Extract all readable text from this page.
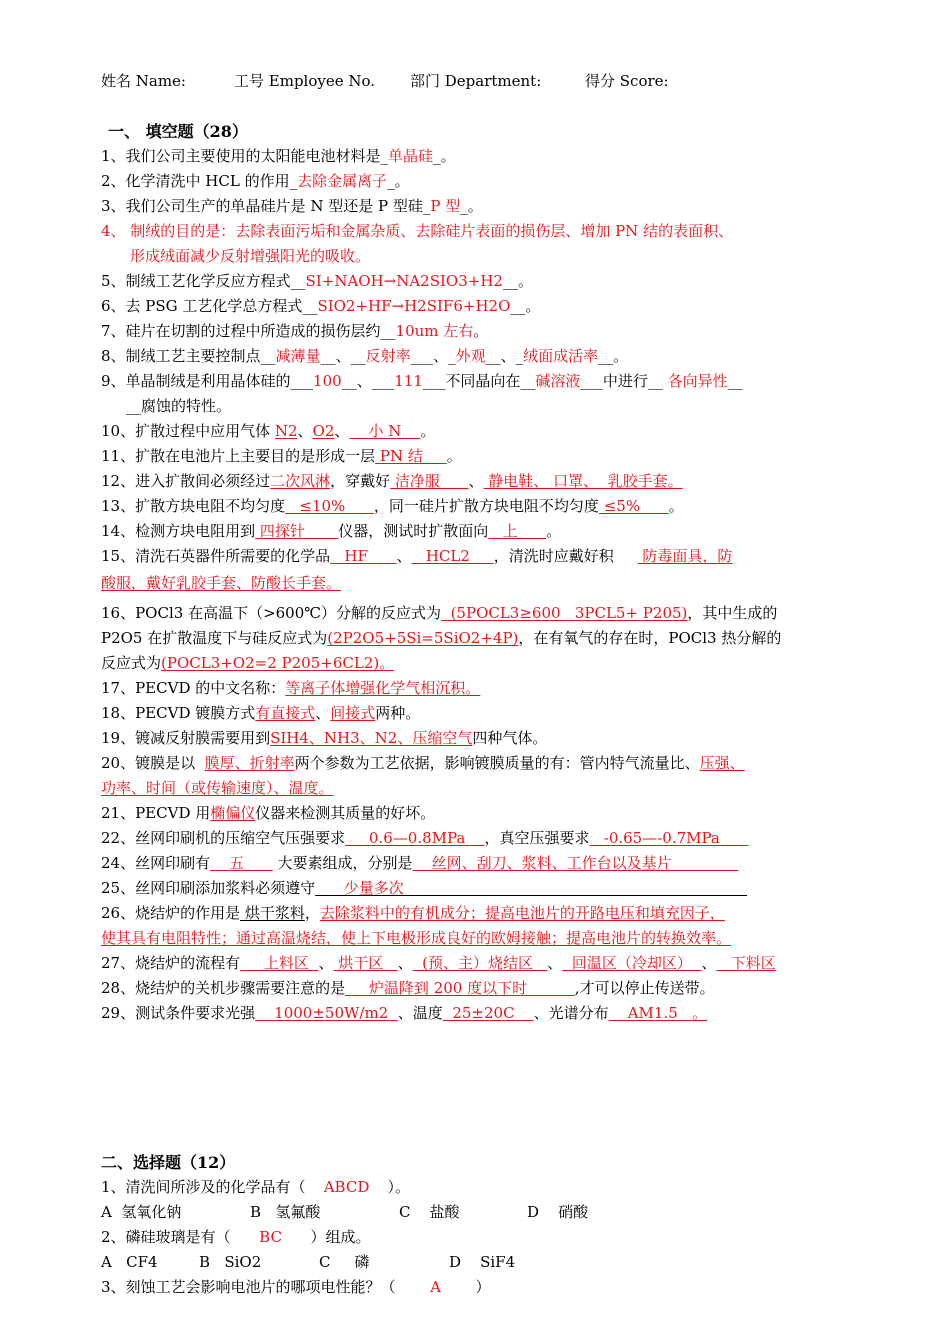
姓名 Name:	工号 Employee No. 部门 Department:	得分 Score:
一、 填空题（28）
1、我们公司主要使用的太阳能电池材料是_单晶硅_。
2、化学清洗中 HCL 的作用_去除金属离子_。
3、我们公司生产的单晶硅片是 N 型还是 P 型硅_P 型_。
4、 制绒的目的是：去除表面污垢和金属杂质、去除硅片表面的损伤层、增加 PN 结的表面积、
形成绒面减少反射增强阳光的吸收。
5、制绒工艺化学反应方程式__SI+NAOH→NA2SIO3+H2__。
6、去 PSG 工艺化学总方程式__SIO2+HF→H2SIF6+H2O__。
7、硅片在切割的过程中所造成的损伤层约__10um 左右。
8、制绒工艺主要控制点__减薄量__、__反射率___、_外观__、_绒面成活率__。
9、单晶制绒是利用晶体硅的___100__、___111___不同晶向在__碱溶液___中进行__ 各向异性__
__腐蚀的特性。
10、扩散过程中应用气体 N2、O2、    小 N    。
11、扩散在电池片上主要目的是形成一层 PN 结     。
12、进入扩散间必须经过二次风淋，穿戴好 洁净服      、 静电鞋、 口罩、  乳胶手套。
13、扩散方块电阻不均匀度   ≤10%      ，同一硅片扩散方块电阻不均匀度 ≤5%      。
14、检测方块电阻用到 四探针       仪器，测试时扩散面向   上      。
15、清洗石英器件所需要的化学品   HF      、   HCL2     ，清洗时应戴好积      防毒面具，防
酸服，戴好乳胶手套、防酸长手套。
16、POCl3 在高温下（>600℃）分解的反应式为  (5POCL3≥600   3PCL5+ P205)，其中生成的
P2O5 在扩散温度下与硅反应式为(2P2O5+5Si=5SiO2+4P)，在有氧气的存在时，POCl3 热分解的
反应式为(POCL3+O2=2 P205+6CL2)。
17、PECVD 的中文名称：等离子体增强化学气相沉积。
18、PECVD 镀膜方式有直接式、间接式两种。
19、镀减反射膜需要用到SIH4、NH3、N2、压缩空气四种气体。
20、镀膜是以  膜厚、折射率两个参数为工艺依据，影响镀膜质量的有：管内特气流量比、压强、
功率、时间（或传输速度）、温度。
21、PECVD 用椭偏仪仪器来检测其质量的好坏。
22、丝网印刷机的压缩空气压强要求     0.6—0.8MPa    ，真空压强要求   -0.65—-0.7MPa
24、丝网印刷有    五       大要素组成，分别是    丝网、刮刀、浆料、工作台以及基片
25、丝网印刷添加浆料必须遵守      少量多次
26、烧结炉的作用是 烘干浆料，去除浆料中的有机成分；提高电池片的开路电压和填充因子，
使其具有电阻特性；通过高温烧结，使上下电极形成良好的欧姆接触；提高电池片的转换效率。
27、烧结炉的流程有     上料区  、 烘干区   、  (预、主）烧结区   、  回温区（冷却区）  、   下料区
28、烧结炉的关机步骤需要注意的是     炉温降到 200 度以下时          ,才可以停止传送带。
29、测试条件要求光强    1000±50W/m2  、温度  25±20C    、光谱分布    AM1.5   。
二、选择题（12）
1、清洗间所涉及的化学品有（ ABCD ）。
A  氢氧化钠	B   氢氟酸	C    盐酸	D    硝酸
2、磷硅玻璃是有（ BC ）组成。
A   CF4	B   SiO2	C     磷	D    SiF4
3、刻蚀工艺会影响电池片的哪项电性能？（ A ）
